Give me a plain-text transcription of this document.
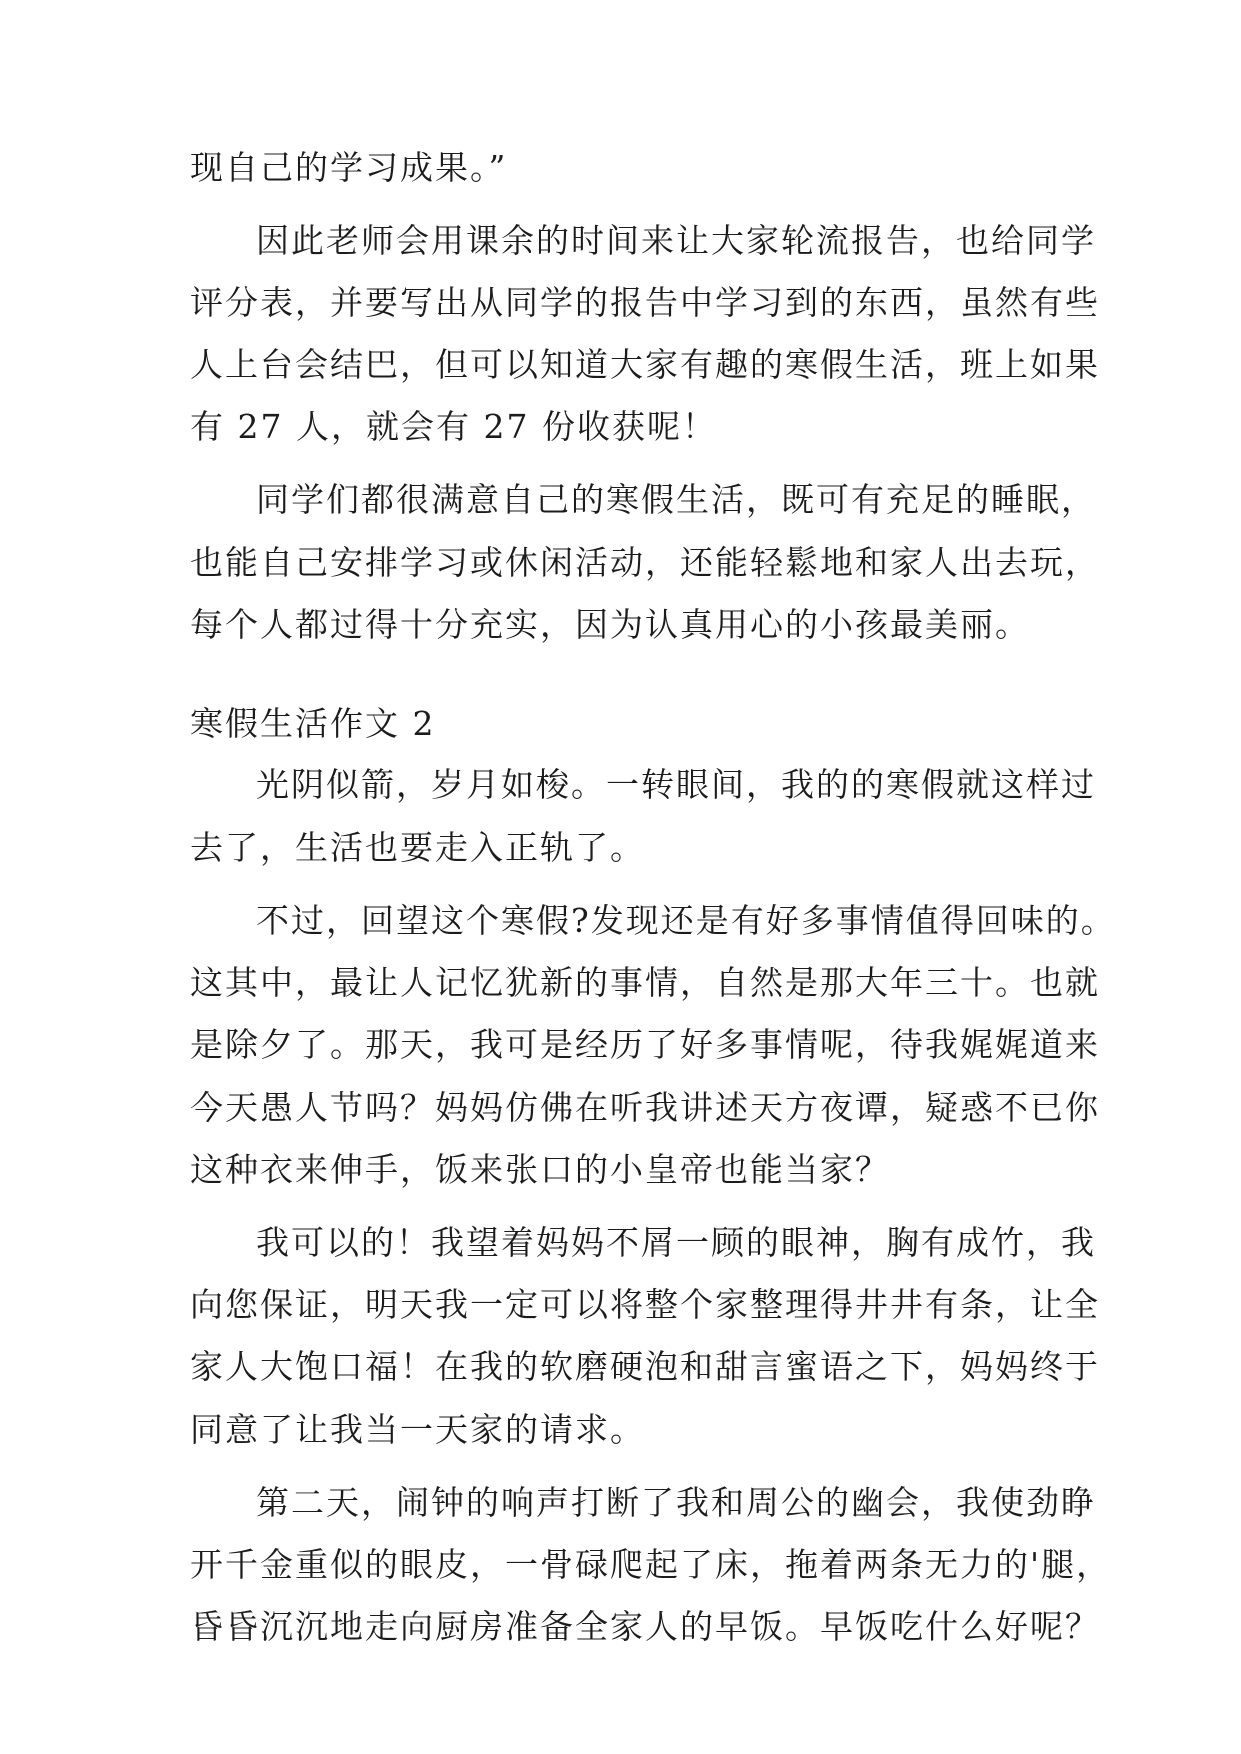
现自己的学习成果。”
因此老师会用课余的时间来让大家轮流报告，也给同学
评分表，并要写出从同学的报告中学习到的东西，虽然有些
人上台会结巴，但可以知道大家有趣的寒假生活，班上如果
有 27 人，就会有 27 份收获呢！
同学们都很满意自己的寒假生活，既可有充足的睡眠，
也能自己安排学习或休闲活动，还能轻鬆地和家人出去玩，
每个人都过得十分充实，因为认真用心的小孩最美丽。
寒假生活作文 2
光阴似箭，岁月如梭。一转眼间，我的的寒假就这样过
去了，生活也要走入正轨了。
不过，回望这个寒假?发现还是有好多事情值得回味的。
这其中，最让人记忆犹新的事情，自然是那大年三十。也就
是除夕了。那天，我可是经历了好多事情呢，待我娓娓道来
今天愚人节吗？妈妈仿佛在听我讲述天方夜谭，疑惑不已你
这种衣来伸手，饭来张口的小皇帝也能当家？
我可以的！我望着妈妈不屑一顾的眼神，胸有成竹，我
向您保证，明天我一定可以将整个家整理得井井有条，让全
家人大饱口福！在我的软磨硬泡和甜言蜜语之下，妈妈终于
同意了让我当一天家的请求。
第二天，闹钟的响声打断了我和周公的幽会，我使劲睁
开千金重似的眼皮，一骨碌爬起了床，拖着两条无力的'腿，
昏昏沉沉地走向厨房准备全家人的早饭。早饭吃什么好呢？
